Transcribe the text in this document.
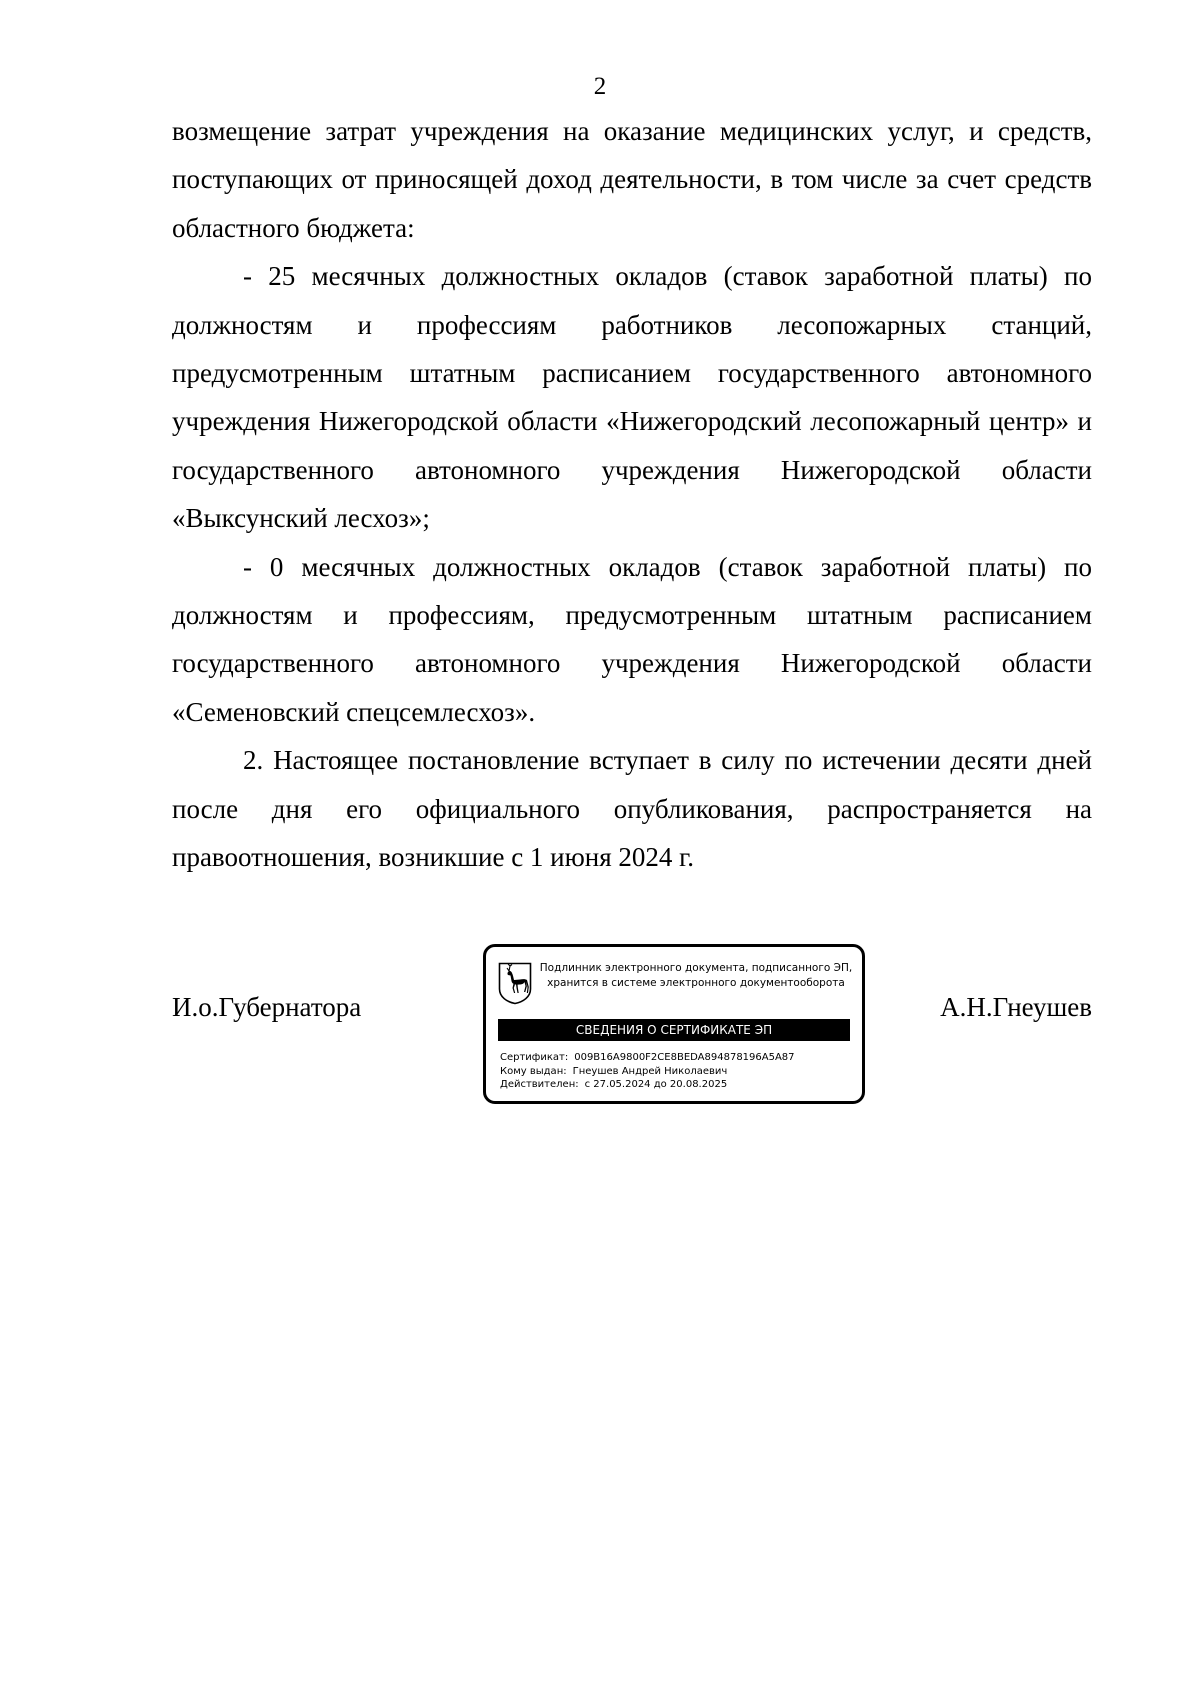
2

возмещение затрат учреждения на оказание медицинских услуг, и средств, поступающих от приносящей доход деятельности, в том числе за счет средств областного бюджета:

- 25 месячных должностных окладов (ставок заработной платы) по должностям и профессиям работников лесопожарных станций, предусмотренным штатным расписанием государственного автономного учреждения Нижегородской области «Нижегородский лесопожарный центр» и государственного автономного учреждения Нижегородской области «Выксунский лесхоз»;

- 0 месячных должностных окладов (ставок заработной платы) по должностям и профессиям, предусмотренным штатным расписанием государственного автономного учреждения Нижегородской области «Семеновский спецсемлесхоз».

2. Настоящее постановление вступает в силу по истечении десяти дней после дня его официального опубликования, распространяется на правоотношения, возникшие с 1 июня 2024 г.

И.о.Губернатора	А.Н.Гнеушев
Подлинник электронного документа, подписанного ЭП,
хранится в системе электронного документооборота
СВЕДЕНИЯ О СЕРТИФИКАТЕ ЭП
Сертификат: 009B16A9800F2CE8BEDA894878196A5A87
Кому выдан: Гнеушев Андрей Николаевич
Действителен: с 27.05.2024 до 20.08.2025
